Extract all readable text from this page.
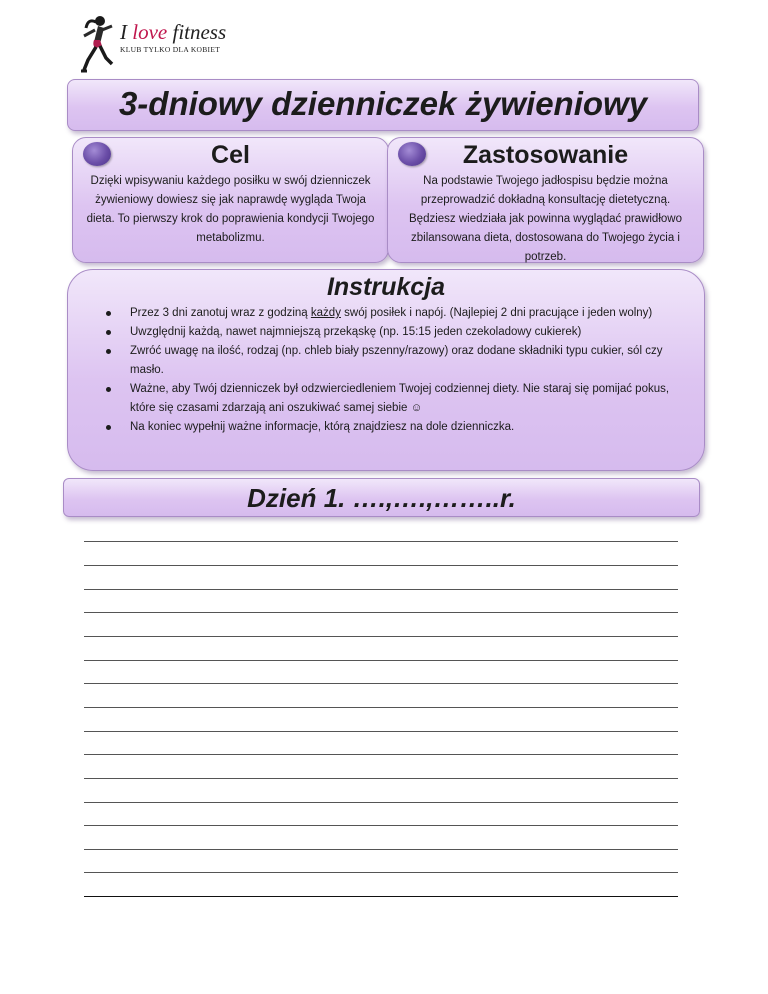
I love fitness
KLUB TYLKO DLA KOBIET
3-dniowy dzienniczek żywieniowy
Cel
Dzięki wpisywaniu każdego posiłku w swój dzienniczek żywieniowy dowiesz się jak naprawdę wygląda Twoja dieta. To pierwszy krok do poprawienia kondycji Twojego metabolizmu.
Zastosowanie
Na podstawie Twojego jadłospisu będzie można przeprowadzić dokładną konsultację dietetyczną. Będziesz wiedziała jak powinna wyglądać prawidłowo zbilansowana dieta, dostosowana do Twojego życia i potrzeb.
Instrukcja
Przez 3 dni zanotuj wraz z godziną każdy swój posiłek i napój. (Najlepiej 2 dni pracujące i jeden wolny)
Uwzględnij każdą, nawet najmniejszą przekąskę (np. 15:15 jeden czekoladowy cukierek)
Zwróć uwagę na ilość, rodzaj (np. chleb biały pszenny/razowy) oraz dodane składniki typu cukier, sól czy masło.
Ważne, aby Twój dzienniczek był odzwierciedleniem Twojej codziennej diety. Nie staraj się pomijać pokus, które się czasami zdarzają ani oszukiwać samej siebie ☺
Na koniec wypełnij ważne informacje, którą znajdziesz na dole dzienniczka.
Dzień 1. ….,….,……..r.
